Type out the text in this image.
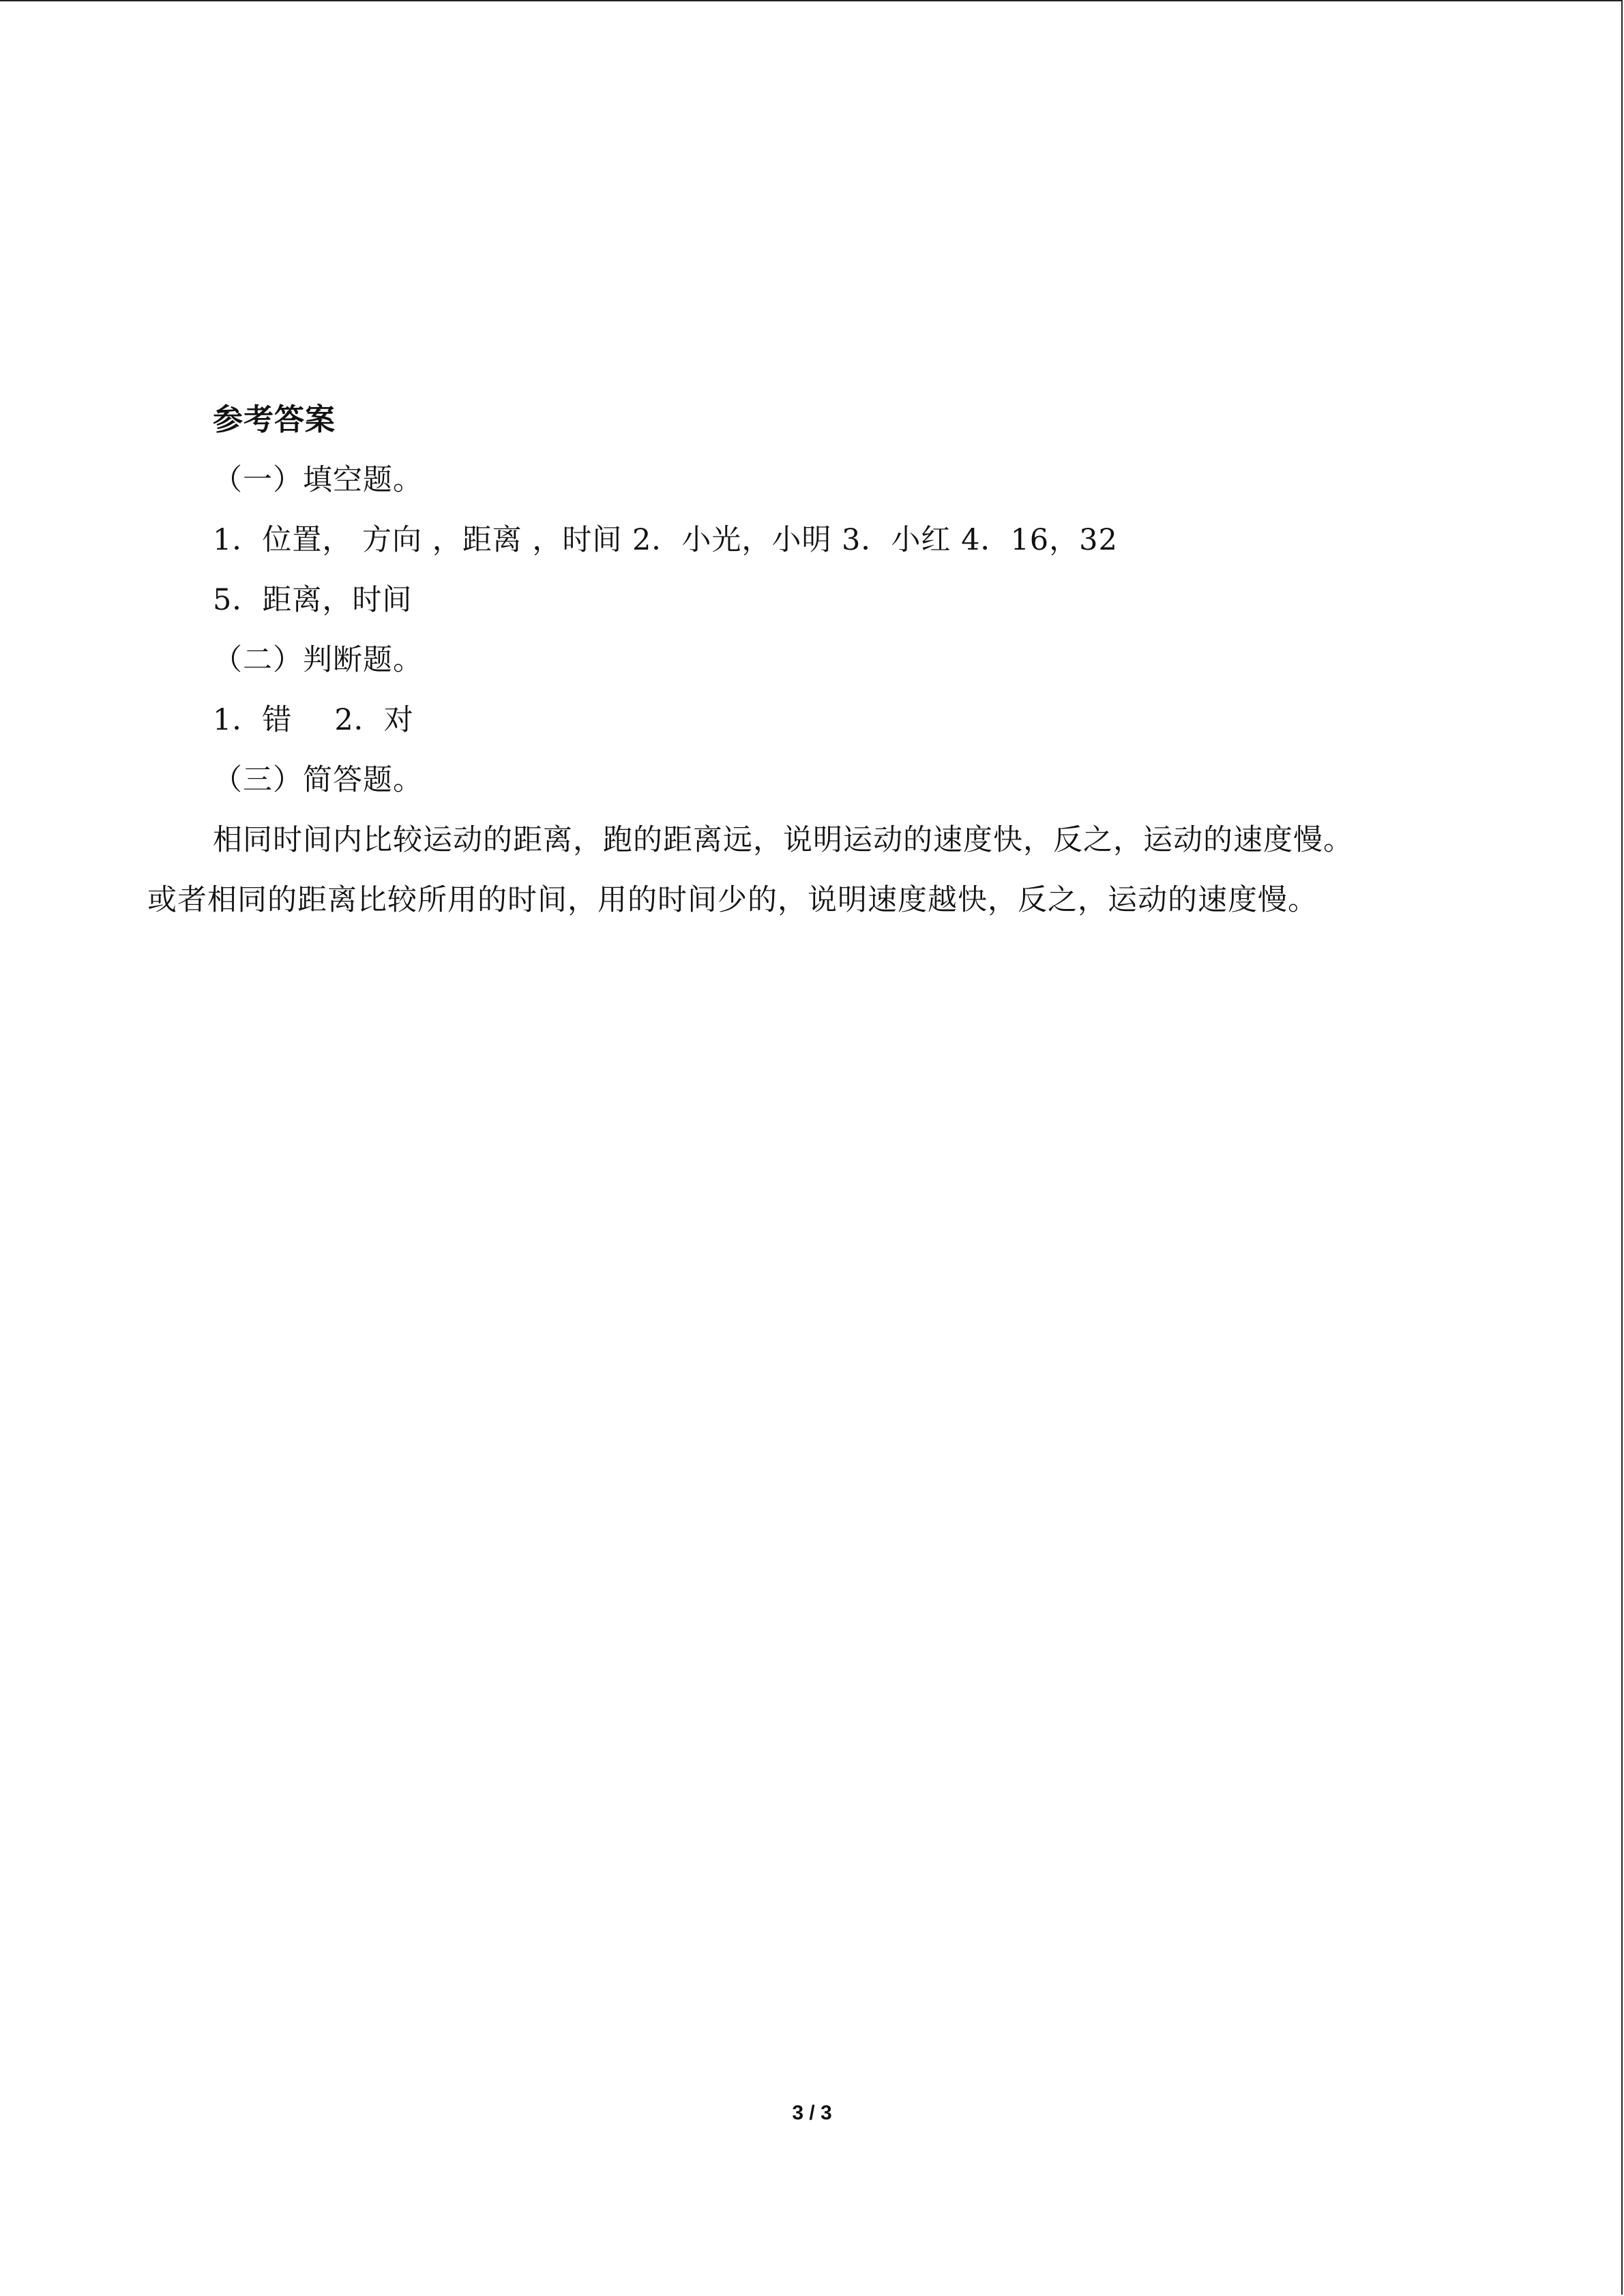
参考答案
（一）填空题。
1．位置， 方向 ，距离 ，时间 2．小光，小明 3．小红 4．16，32
5．距离，时间
（二）判断题。
1．错 2．对
（三）简答题。
相同时间内比较运动的距离，跑的距离远，说明运动的速度快，反之，运动的速度慢。
或者相同的距离比较所用的时间，用的时间少的，说明速度越快，反之，运动的速度慢。
3 / 3
